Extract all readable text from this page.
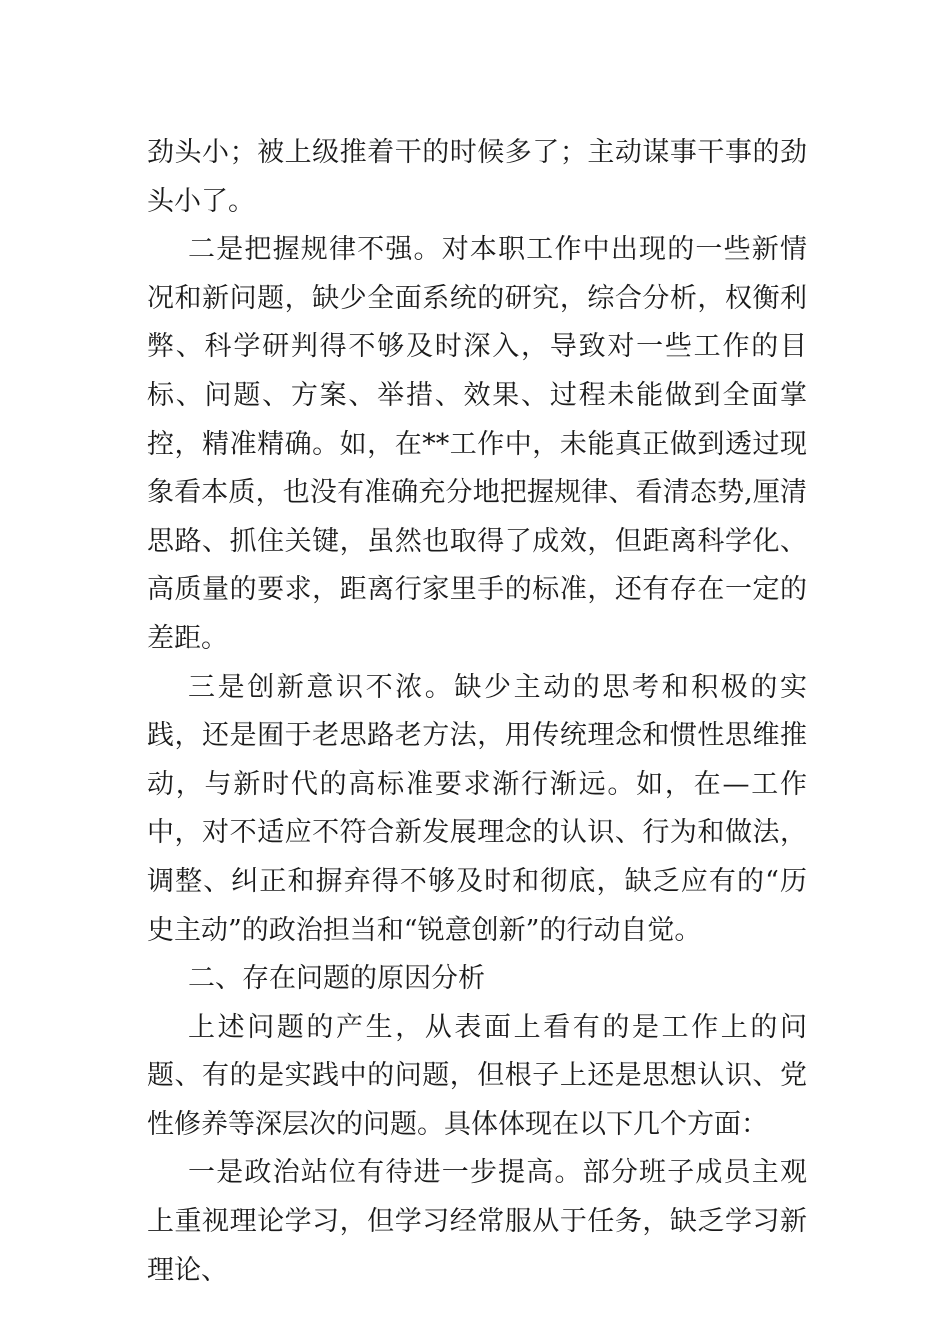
劲头小；被上级推着干的时候多了；主动谋事干事的劲头小了。

二是把握规律不强。对本职工作中出现的一些新情况和新问题，缺少全面系统的研究，综合分析，权衡利弊、科学研判得不够及时深入，导致对一些工作的目标、问题、方案、举措、效果、过程未能做到全面掌控，精准精确。如，在**工作中，未能真正做到透过现象看本质，也没有准确充分地把握规律、看清态势,厘清思路、抓住关键，虽然也取得了成效，但距离科学化、高质量的要求，距离行家里手的标准，还有存在一定的差距。

三是创新意识不浓。缺少主动的思考和积极的实践，还是囿于老思路老方法，用传统理念和惯性思维推动，与新时代的高标准要求渐行渐远。如，在—工作中，对不适应不符合新发展理念的认识、行为和做法，调整、纠正和摒弃得不够及时和彻底，缺乏应有的“历史主动”的政治担当和“锐意创新”的行动自觉。

二、存在问题的原因分析

上述问题的产生，从表面上看有的是工作上的问题、有的是实践中的问题，但根子上还是思想认识、党性修养等深层次的问题。具体体现在以下几个方面：

一是政治站位有待进一步提高。部分班子成员主观上重视理论学习，但学习经常服从于任务，缺乏学习新理论、
